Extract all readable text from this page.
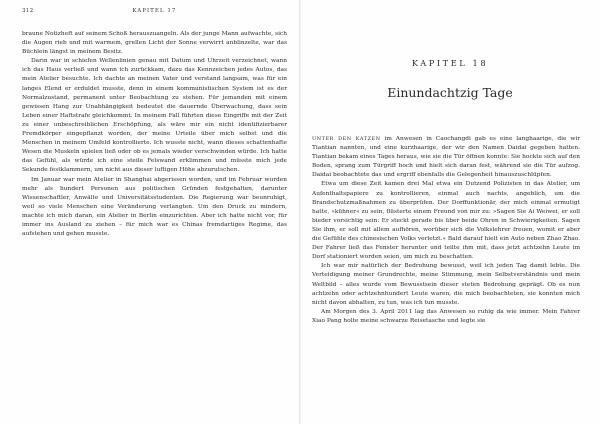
312	KAPITEL 17

braune Notizheft auf seinem Schoß herauszuangeln. Als der junge Mann aufwachte, sich die Augen rieb und mit warmem, grellen Licht der Sonne verwirrt anblinzelte, war das Büchlein längst in meinem Besitz.

Darin war in schiefen Wellenlinien genau mit Datum und Uhrzeit verzeichnet, wann ich das Haus verließ und wann ich zurückkam, dazu das Kennzeichen jedes Autos, das mein Atelier besuchte. Ich dachte an meinen Vater und verstand langsam, was für ein langes Elend er erduldet musste, denn in einem kommunistischen System ist es der Normalzustand, permanent unter Beobachtung zu stehen. Für jemanden mit einem gewissen Hang zur Unabhängigkeit bedeutet die dauernde Überwachung, dass sein Leben einer Haftstrafe gleichkommt. In meinem Fall führten diese Eingriffe mit der Zeit zu einer unbeschreiblichen Erschöpfung, als wäre mir ein nicht identifizierbarer Fremdkörper eingepflanzt worden, der meine Urteile über mich selbst und die Menschen in meinem Umfeld kontrollierte. Ich wusste nicht, wann dieses schattenhafte Wesen die Muskeln spielen ließ oder ob es jemals wieder verschwinden würde. Ich hatte das Gefühl, als würde ich eine steile Felswand erklimmen und müsste mich jede Sekunde festklammern, um nicht aus dieser luftigen Höhe abzurutschen.

Im Januar war mein Atelier in Shanghai abgerissen worden, und im Februar wurden mehr als hundert Personen aus politischen Gründen festgehalten, darunter Wissenschaftler, Anwälte und Universitätsstudenten. Die Regierung war beunruhigt, weil so viele Menschen eine Veränderung verlangten. Um den Druck zu mindern, machte ich mich daran, ein Atelier in Berlin einzurichten. Aber ich hatte nicht vor, für immer ins Ausland zu ziehen – für mich war es Chinas fremdartiges Regime, das aufstehen und gehen musste.

KAPITEL 18
Einundachtzig Tage

UNTER DEN KATZEN im Anwesen in Caochangdi gab es eine langhaarige, die wir Tiantian nannten, und eine kurzhaarige, der wir den Namen Daidai gegeben hatten. Tiantian bekam eines Tages heraus, wie sie die Tür öffnen konnte: Sie hockte sich auf den Boden, sprang zum Türgriff hoch und hielt sich daran fest, während sie die Tür aufzog. Daidai beobachtete das und ergriff ebenfalls die Gelegenheit hinauszuschlüpfen.

Etwa um diese Zeit kamen drei Mal etwa ein Dutzend Polizisten in das Atelier, um Aufenthaltspapiere zu kontrollieren, einmal auch nachts, angeblich, um die Brandschutzmaßnahmen zu überprüfen. Der Dorffunktionär, der mich einmal ermutigt hatte, »kühner« zu sein, flüsterte einem Freund von mir zu: »Sagen Sie Ai Weiwei, er soll bieder vorsichtig sein: Er steckt gerade bis über beide Ohren in Schwierigkeiten. Sagen Sie ihm, er soll mit allem aufhören, worüber sich die Volkslehrer freuen, womit er aber die Gefühle des chinesischen Volks verletzt.« Bald darauf hielt ein Auto neben Zhao Zhao. Der Fahrer ließ das Fenster herunter und teilte ihm mit, dass jetzt achtzehn Leute im Dorf stationiert worden seien, um mich zu beschatten.

Ich war mir natürlich der Bedrohung bewusst, weil ich jeden Tag damit lebte. Die Verteidigung meiner Grundrechte, meine Stimmung, mein Selbstverständnis und mein Weltbild – alles wurde vom Bewusstsein dieser steten Bedrohung geprägt. Ob es nun achtzehn oder achtzehnhundert Leute waren, die mich beobachteten, sie konnten mich nicht davon abhalten, zu tun, was ich tun musste.

Am Morgen des 3. April 2011 lag das Anwesen so ruhig da wie immer. Mein Fahrer Xiao Pang holte meine schwarze Reisetasche und legte sie
